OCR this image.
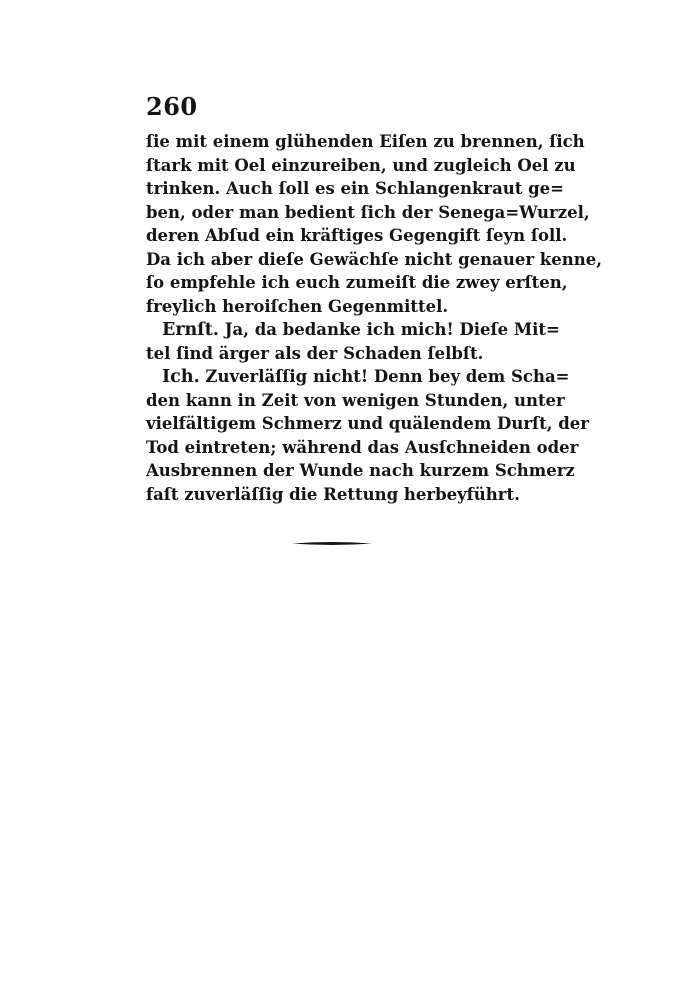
260
ſie mit einem glühenden Eiſen zu brennen, ſich
ſtark mit Oel einzureiben, und zugleich Oel zu
trinken. Auch ſoll es ein Schlangenkraut ge=
ben, oder man bedient ſich der Senega=Wurzel,
deren Abſud ein kräftiges Gegengift ſeyn ſoll.
Da ich aber dieſe Gewächſe nicht genauer kenne,
ſo empfehle ich euch zumeiſt die zwey erſten,
freylich heroiſchen Gegenmittel.
Ernſt. Ja, da bedanke ich mich! Dieſe Mit=
tel ſind ärger als der Schaden ſelbſt.
Ich. Zuverläſſig nicht! Denn bey dem Scha=
den kann in Zeit von wenigen Stunden, unter
vielfältigem Schmerz und quälendem Durſt, der
Tod eintreten; während das Ausſchneiden oder
Ausbrennen der Wunde nach kurzem Schmerz
faſt zuverläſſig die Rettung herbeyführt.
